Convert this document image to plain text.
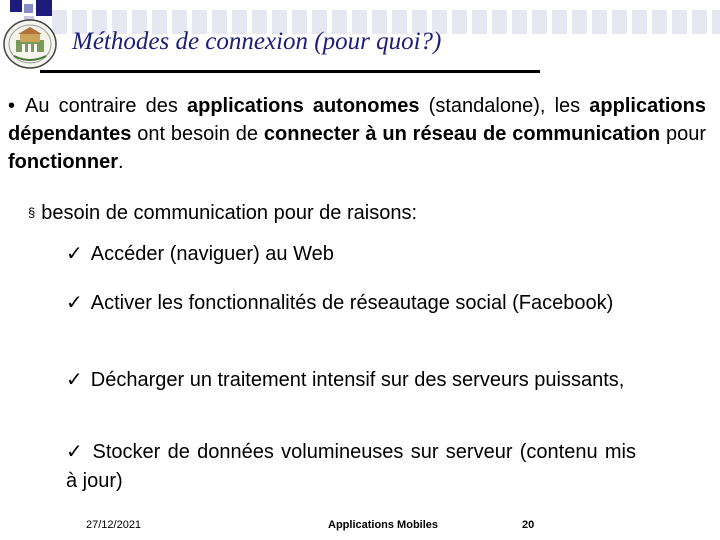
Méthodes de connexion (pour quoi?)
• Au contraire des applications autonomes (standalone), les applications dépendantes ont besoin de connecter à un réseau de communication pour fonctionner.
§ besoin de communication pour de raisons:
✓ Accéder (naviguer) au Web
✓ Activer les fonctionnalités de réseautage social (Facebook)
✓ Décharger un traitement intensif sur des serveurs puissants,
✓ Stocker de données volumineuses sur serveur (contenu mis à jour)
27/12/2021	Applications Mobiles	20
